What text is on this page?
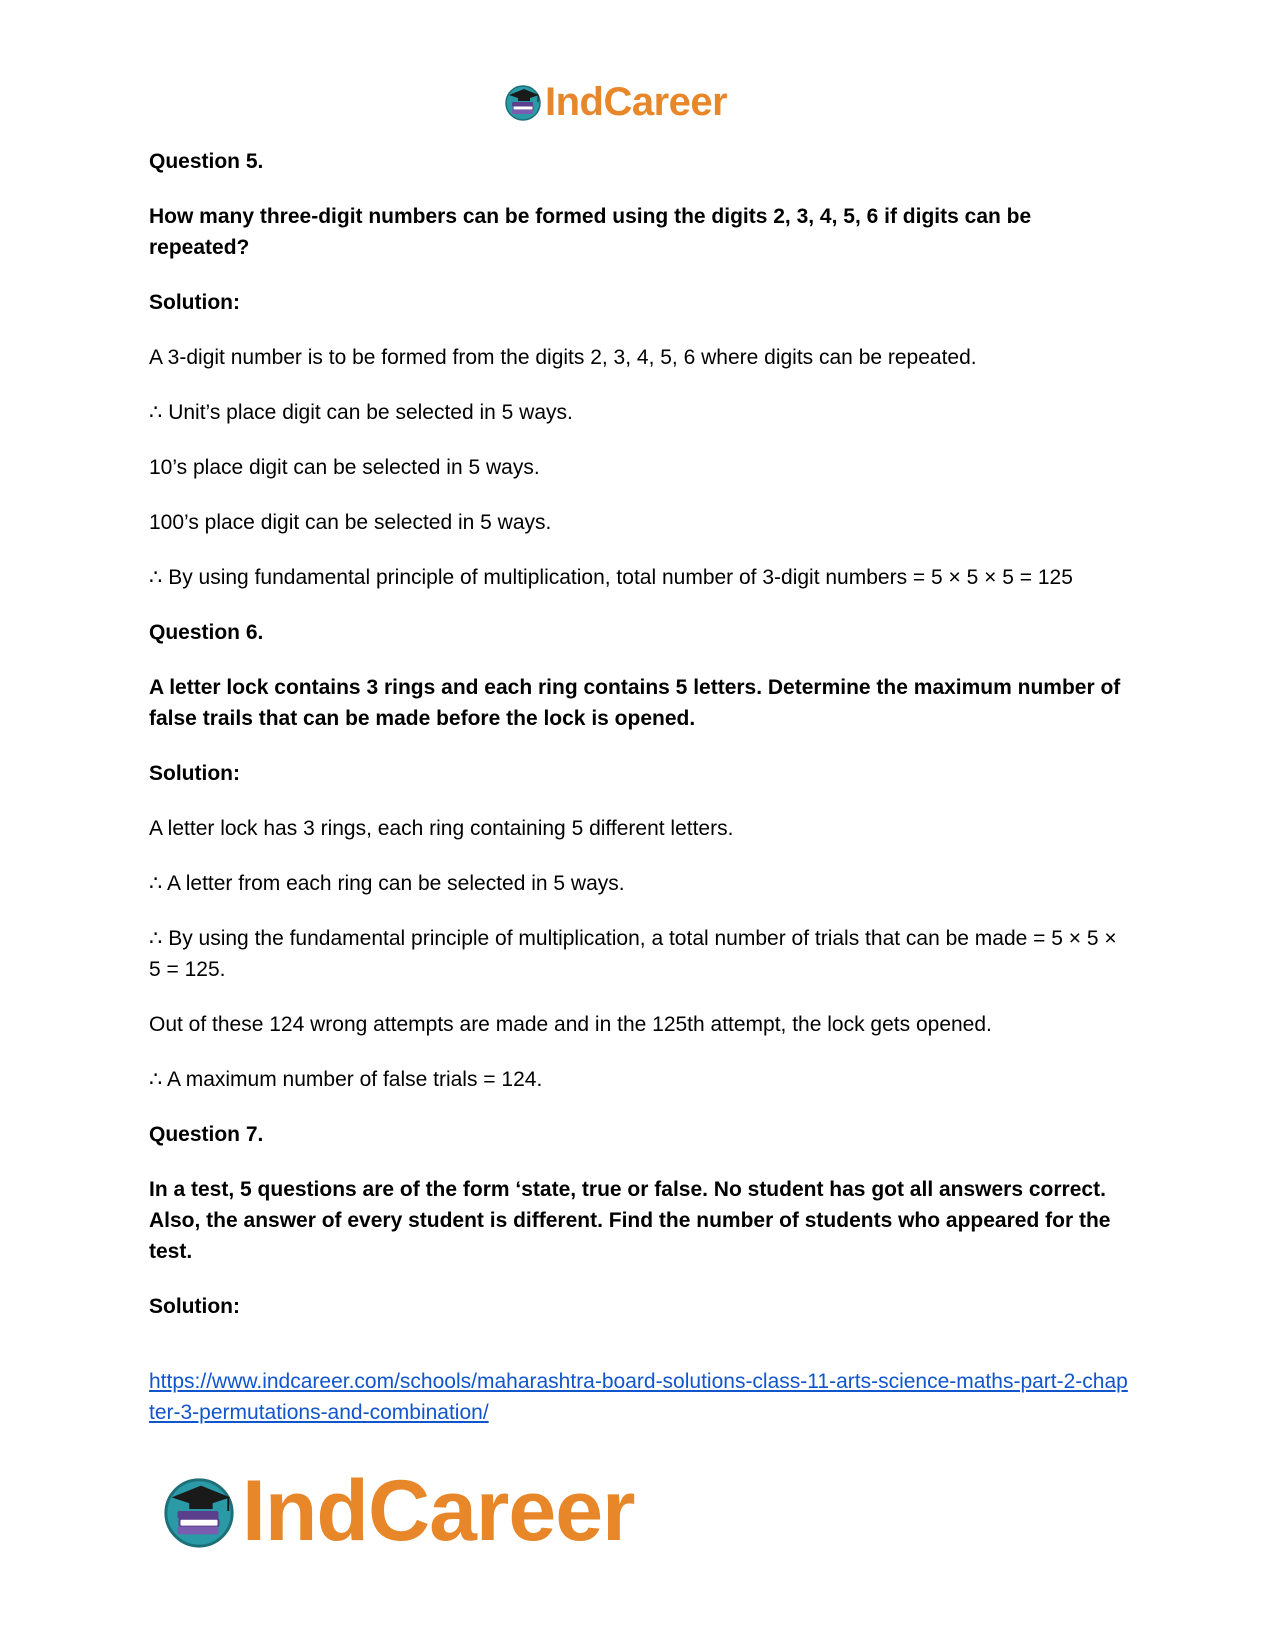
IndCareer

Question 5.

How many three-digit numbers can be formed using the digits 2, 3, 4, 5, 6 if digits can be repeated?

Solution:

A 3-digit number is to be formed from the digits 2, 3, 4, 5, 6 where digits can be repeated.

∴ Unit’s place digit can be selected in 5 ways.

10’s place digit can be selected in 5 ways.

100’s place digit can be selected in 5 ways.

∴ By using fundamental principle of multiplication, total number of 3-digit numbers = 5 × 5 × 5 = 125

Question 6.

A letter lock contains 3 rings and each ring contains 5 letters. Determine the maximum number of false trails that can be made before the lock is opened.

Solution:

A letter lock has 3 rings, each ring containing 5 different letters.

∴ A letter from each ring can be selected in 5 ways.

∴ By using the fundamental principle of multiplication, a total number of trials that can be made = 5 × 5 × 5 = 125.

Out of these 124 wrong attempts are made and in the 125th attempt, the lock gets opened.

∴ A maximum number of false trials = 124.

Question 7.

In a test, 5 questions are of the form ‘state, true or false. No student has got all answers correct. Also, the answer of every student is different. Find the number of students who appeared for the test.

Solution:

https://www.indcareer.com/schools/maharashtra-board-solutions-class-11-arts-science-maths-part-2-chapter-3-permutations-and-combination/

IndCareer
